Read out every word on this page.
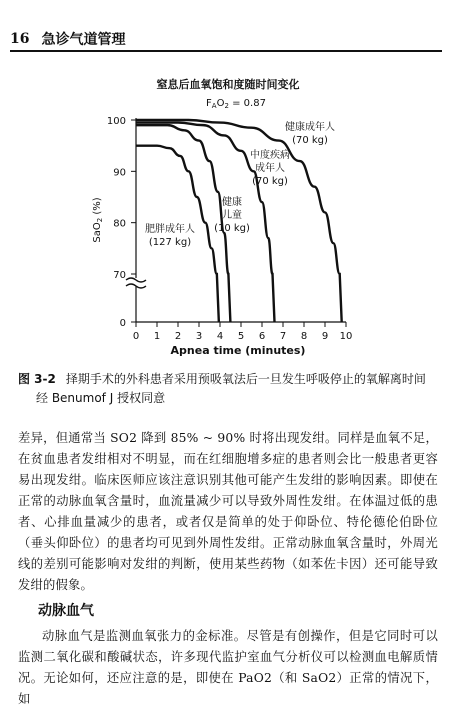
16 急诊气道管理
窒息后血氧饱和度随时间变化
$F_AO_2 = 0.87$
0
70
80
90
100
0 1 2 3 4 5 6 7 8 9 10
SaO$_2$ (%)
Apnea time (minutes)
肥胖成年人(127 kg)
健康儿童(10 kg)
中度疾病成年人(70 kg)
健康成年人(70 kg)
图 3-2 择期手术的外科患者采用预吸氧法后一旦发生呼吸停止的氧解离时间
经 Benumof J 授权同意

差异，但通常当 SO2 降到 85% ~ 90% 时将出现发绀。同样是血氧不足，在贫血患者发绀相对不明显，而在红细胞增多症的患者则会比一般患者更容易出现发绀。临床医师应该注意识别其他可能产生发绀的影响因素。即使在正常的动脉血氧含量时，血流量减少可以导致外周性发绀。在体温过低的患者、心排血量减少的患者，或者仅是简单的处于仰卧位、特伦德伦伯卧位（垂头仰卧位）的患者均可见到外周性发绀。正常动脉血氧含量时，外周光线的差别可能影响对发绀的判断，使用某些药物（如苯佐卡因）还可能导致发绀的假象。

动脉血气

动脉血气是监测血氧张力的金标准。尽管是有创操作，但是它同时可以监测二氧化碳和酸碱状态，许多现代监护室血气分析仪可以检测血电解质情况。无论如何，还应注意的是，即使在 PaO2（和 SaO2）正常的情况下，如
